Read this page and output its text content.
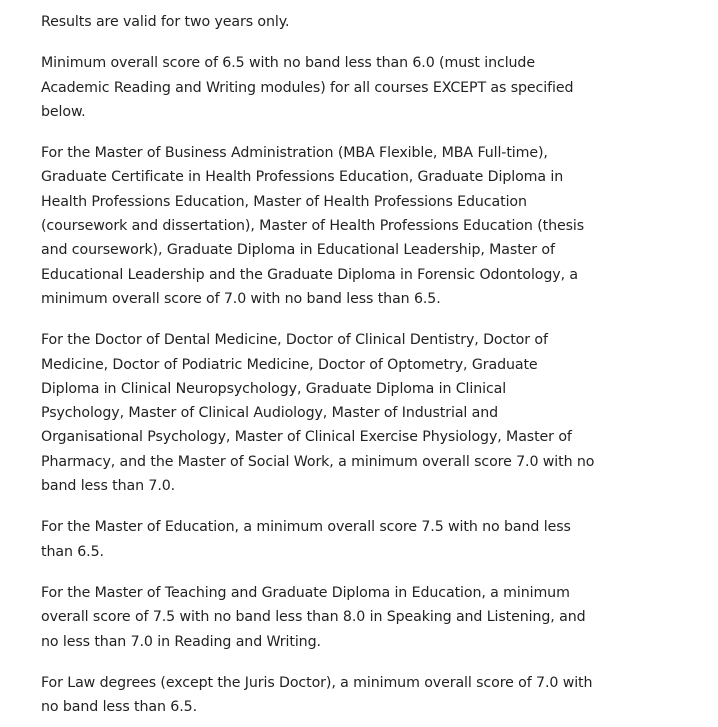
Results are valid for two years only.

Minimum overall score of 6.5 with no band less than 6.0 (must include
Academic Reading and Writing modules) for all courses EXCEPT as specified
below.

For the Master of Business Administration (MBA Flexible, MBA Full-time),
Graduate Certificate in Health Professions Education, Graduate Diploma in
Health Professions Education, Master of Health Professions Education
(coursework and dissertation), Master of Health Professions Education (thesis
and coursework), Graduate Diploma in Educational Leadership, Master of
Educational Leadership and the Graduate Diploma in Forensic Odontology, a
minimum overall score of 7.0 with no band less than 6.5.

For the Doctor of Dental Medicine, Doctor of Clinical Dentistry, Doctor of
Medicine, Doctor of Podiatric Medicine, Doctor of Optometry, Graduate
Diploma in Clinical Neuropsychology, Graduate Diploma in Clinical
Psychology, Master of Clinical Audiology, Master of Industrial and
Organisational Psychology, Master of Clinical Exercise Physiology, Master of
Pharmacy, and the Master of Social Work, a minimum overall score 7.0 with no
band less than 7.0.

For the Master of Education, a minimum overall score 7.5 with no band less
than 6.5.

For the Master of Teaching and Graduate Diploma in Education, a minimum
overall score of 7.5 with no band less than 8.0 in Speaking and Listening, and
no less than 7.0 in Reading and Writing.

For Law degrees (except the Juris Doctor), a minimum overall score of 7.0 with
no band less than 6.5.
